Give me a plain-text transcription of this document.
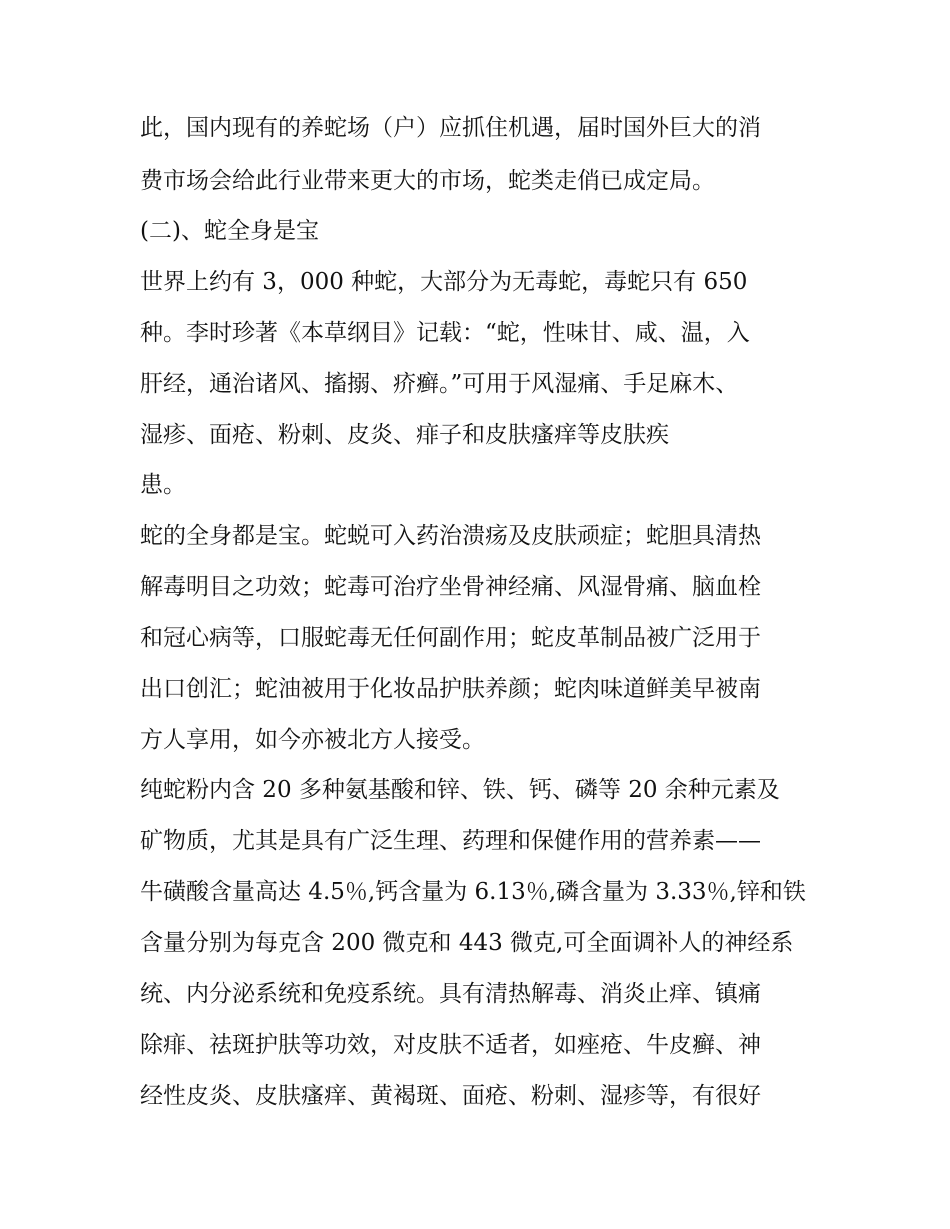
此，国内现有的养蛇场（户）应抓住机遇，届时国外巨大的消
费市场会给此行业带来更大的市场，蛇类走俏已成定局。
(二)、蛇全身是宝
世界上约有 3，000 种蛇，大部分为无毒蛇，毒蛇只有 650
种。李时珍著《本草纲目》记载：“蛇，性味甘、咸、温，入
肝经，通治诸风、搐搦、疥癣。”可用于风湿痛、手足麻木、
湿疹、面疮、粉刺、皮炎、痱子和皮肤瘙痒等皮肤疾
患。
蛇的全身都是宝。蛇蜕可入药治溃疡及皮肤顽症；蛇胆具清热
解毒明目之功效；蛇毒可治疗坐骨神经痛、风湿骨痛、脑血栓
和冠心病等，口服蛇毒无任何副作用；蛇皮革制品被广泛用于
出口创汇；蛇油被用于化妆品护肤养颜；蛇肉味道鲜美早被南
方人享用，如今亦被北方人接受。
纯蛇粉内含 20 多种氨基酸和锌、铁、钙、磷等 20 余种元素及
矿物质，尤其是具有广泛生理、药理和保健作用的营养素——
牛磺酸含量高达 4.5％,钙含量为 6.13％,磷含量为 3.33％,锌和铁
含量分别为每克含 200 微克和 443 微克,可全面调补人的神经系
统、内分泌系统和免疫系统。具有清热解毒、消炎止痒、镇痛
除痱、祛斑护肤等功效，对皮肤不适者，如痤疮、牛皮癣、神
经性皮炎、皮肤瘙痒、黄褐斑、面疮、粉刺、湿疹等，有很好
